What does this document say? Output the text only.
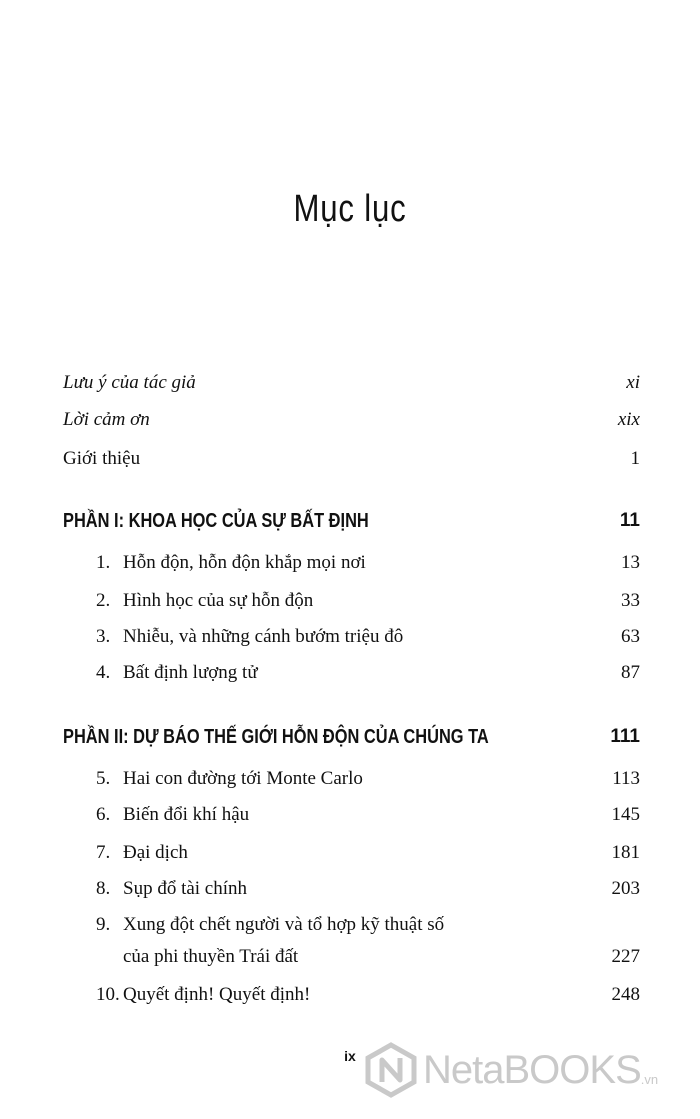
Mục lục
Lưu ý của tác giả	xi
Lời cảm ơn	xix
Giới thiệu	1
PHẦN I: KHOA HỌC CỦA SỰ BẤT ĐỊNH	11
1. Hỗn độn, hỗn độn khắp mọi nơi	13
2. Hình học của sự hỗn độn	33
3. Nhiễu, và những cánh bướm triệu đô	63
4. Bất định lượng tử	87
PHẦN II: DỰ BÁO THẾ GIỚI HỖN ĐỘN CỦA CHÚNG TA	111
5. Hai con đường tới Monte Carlo	113
6. Biến đổi khí hậu	145
7. Đại dịch	181
8. Sụp đổ tài chính	203
9. Xung đột chết người và tổ hợp kỹ thuật số
của phi thuyền Trái đất	227
10. Quyết định! Quyết định!	248
ix	NetaBOOKS .vn
